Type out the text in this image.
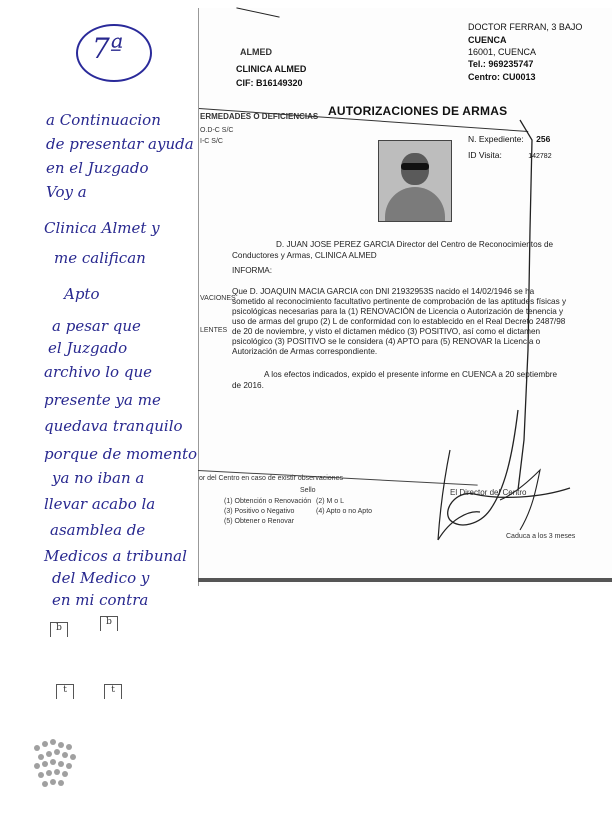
7ª
a Continuacion
de presentar ayuda
en el Juzgado
Voy a
Clinica Almet y
me califican
Apto
a pesar que
el Juzgado
archivo lo que
presente ya me
quedava tranquilo
porque de momento
ya no iban a
llevar acabo la
asamblea de
Medicos a tribunal
del Medico y
en mi contra
b
b
t	t
ALMED
CLINICA ALMED
CIF: B16149320
DOCTOR FERRAN, 3 BAJO
CUENCA
16001, CUENCA
Tel.: 969235747
Centro: CU0013
AUTORIZACIONES DE ARMAS
ERMEDADES O DEFICIENCIAS
O.D-C S/C
I-C S/C
VACIONES
LENTES
N. Expediente: 256
ID Visita:	142782
D. JUAN JOSE PEREZ GARCIA Director del Centro de Reconocimientos de
Conductores y Armas, CLINICA ALMED
INFORMA:
Que D. JOAQUIN MACIA GARCIA con DNI 21932953S nacido el 14/02/1946 se ha
sometido al reconocimiento facultativo pertinente de comprobación de las aptitudes físicas y
psicológicas necesarias para la (1) RENOVACIÓN de Licencia o Autorización de tenencia y
uso de armas del grupo (2) L de conformidad con lo establecido en el Real Decreto 2487/98
de 20 de noviembre, y visto el dictamen médico (3) POSITIVO, así como el dictamen
psicológico (3) POSITIVO se le considera (4) APTO para (5) RENOVAR la Licencia o
Autorización de Armas correspondiente.
A los efectos indicados, expido el presente informe en CUENCA a 20 septiembre
de 2016.
or del Centro en caso de existir observaciones
Sello
(1) Obtención o Renovación (2) M o L
(3) Positivo o Negativo	(4) Apto o no Apto
(5) Obtener o Renovar
El Director del Centro
Caduca a los 3 meses
